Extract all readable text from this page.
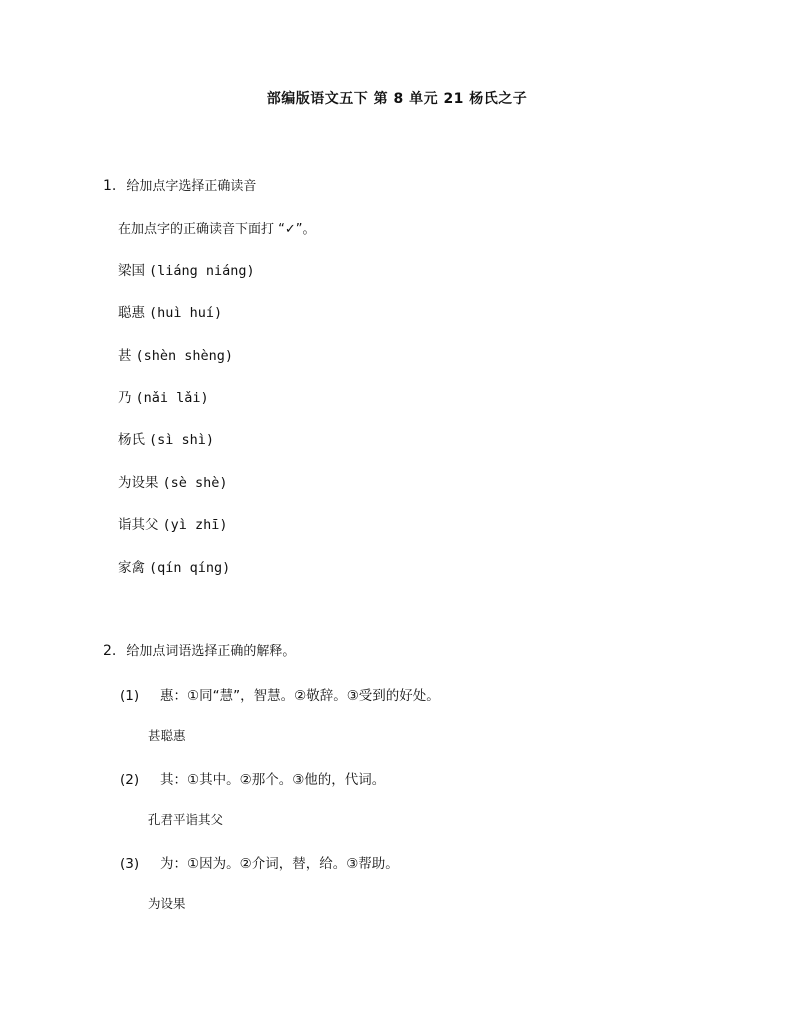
部编版语文五下 第 8 单元 21 杨氏之子
1. 给加点字选择正确读音
在加点字的正确读音下面打 “✓”。
梁国 (liáng niáng)
聪惠 (huì huí)
甚 (shèn shèng)
乃 (nǎi lǎi)
杨氏 (sì shì)
为设果 (sè shè)
诣其父 (yì zhī)
家禽 (qín qíng)
2. 给加点词语选择正确的解释。
(1) 惠：①同“慧”，智慧。②敬辞。③受到的好处。
甚聪惠
(2) 其：①其中。②那个。③他的，代词。
孔君平诣其父
(3) 为：①因为。②介词，替，给。③帮助。
为设果
